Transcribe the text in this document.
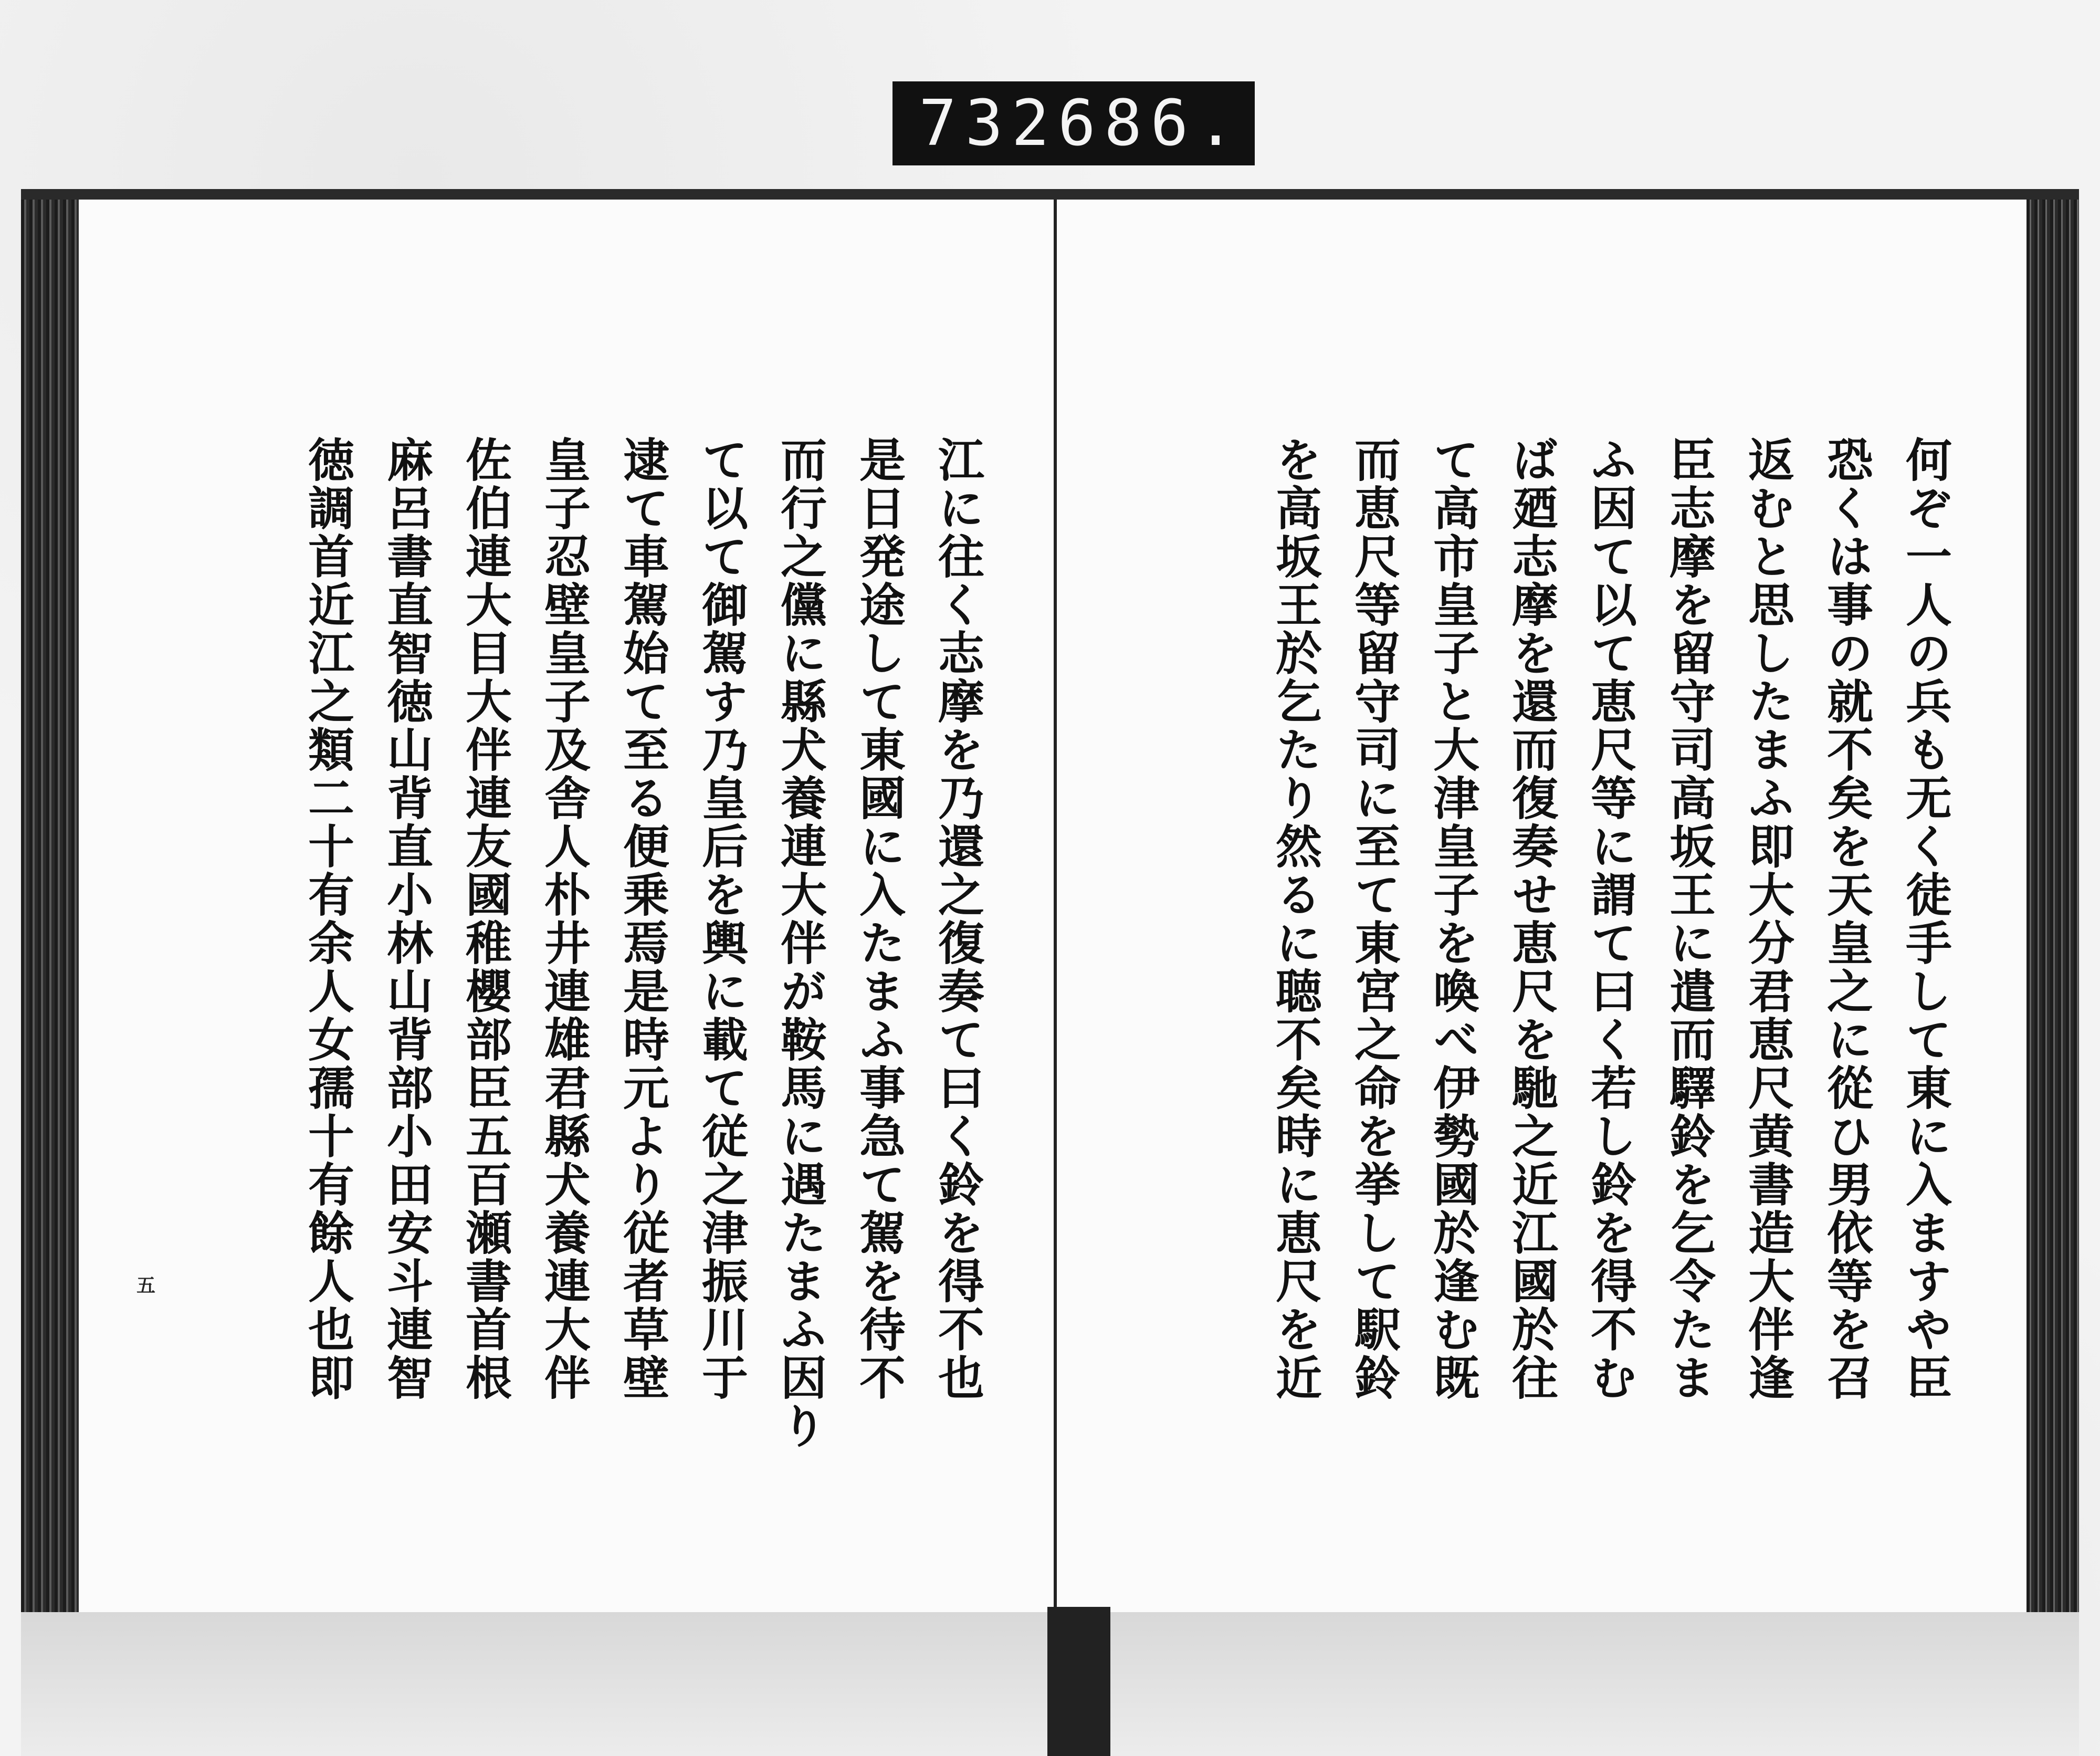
732 686.
江に往く志摩を乃還之復奏て曰く鈴を得不也
是日発途して東國に入たまふ事急て駕を待不
而行之儻に縣犬養連大伴が鞍馬に遇たまふ因り
て以て御駕す乃皇后を輿に載て従之津振川于
逮て車駕始て至る便乗焉是時元より従者草壁
皇子忍壁皇子及舎人朴井連雄君縣犬養連大伴
佐伯連大目大伴連友國稚櫻部臣五百瀬書首根
麻呂書直智徳山背直小林山背部小田安斗連智
徳調首近江之類二十有余人女孺十有餘人也即
五	何ぞ一人の兵も无く徒手して東に入ますや臣
恐くは事の就不矣を天皇之に從ひ男依等を召
返むと思したまふ即大分君恵尺黄書造大伴逢
臣志摩を留守司高坂王に遣而驛鈴を乞令たま
ふ因て以て恵尺等に謂て曰く若し鈴を得不む
ば廼志摩を還而復奏せ恵尺を馳之近江國於往
て高市皇子と大津皇子を喚べ伊勢國於逢む既
而恵尺等留守司に至て東宮之命を挙して駅鈴
を高坂王於乞たり然るに聴不矣時に恵尺を近
